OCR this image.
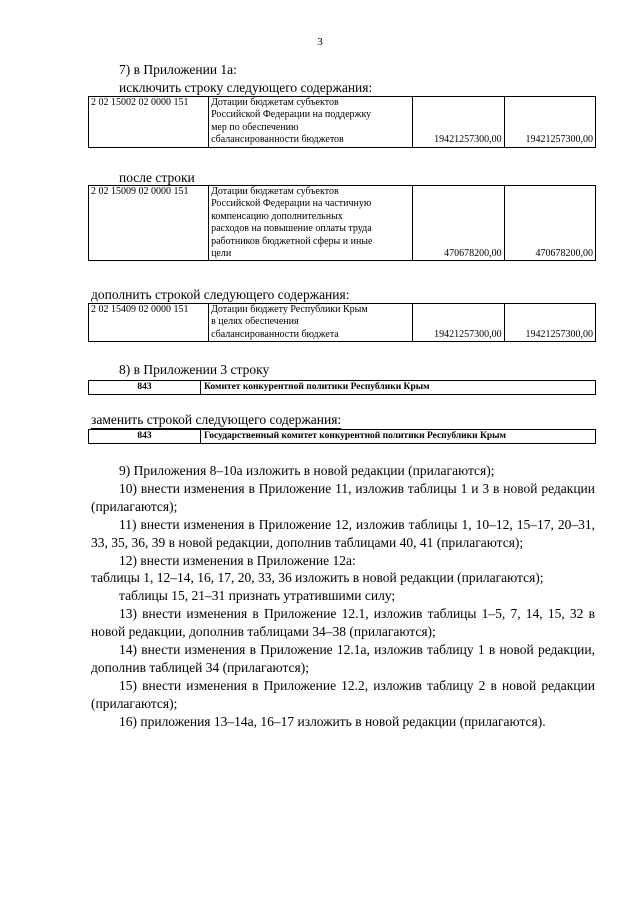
3
7) в Приложении 1а:
исключить строку следующего содержания:
2 02 15002 02 0000 151	Дотации бюджетам субъектов
Российской Федерации на поддержку
мер по обеспечению
сбалансированности бюджетов	19421257300,00	19421257300,00
после строки
2 02 15009 02 0000 151	Дотации бюджетам субъектов
Российской Федерации на частичную
компенсацию дополнительных
расходов на повышение оплаты труда
работников бюджетной сферы и иные
цели	470678200,00	470678200,00
дополнить строкой следующего содержания:
2 02 15409 02 0000 151	Дотации бюджету Республики Крым
в целях обеспечения
сбалансированности бюджета	19421257300,00	19421257300,00
8) в Приложении 3 строку
843	Комитет конкурентной политики Республики Крым
заменить строкой следующего содержания:
843	Государственный комитет конкурентной политики Республики Крым

9) Приложения 8–10а изложить в новой редакции (прилагаются);

10) внести изменения в Приложение 11, изложив таблицы 1 и 3 в новой редакции (прилагаются);

11) внести изменения в Приложение 12, изложив таблицы 1, 10–12, 15–17, 20–31, 33, 35, 36, 39 в новой редакции, дополнив таблицами 40, 41 (прилагаются);

12) внести изменения в Приложение 12а:

таблицы 1, 12–14, 16, 17, 20, 33, 36 изложить в новой редакции (прилагаются);

таблицы 15, 21–31 признать утратившими силу;

13) внести изменения в Приложение 12.1, изложив таблицы 1–5, 7, 14, 15, 32 в новой редакции, дополнив таблицами 34–38 (прилагаются);

14) внести изменения в Приложение 12.1а, изложив таблицу 1 в новой редакции, дополнив таблицей 34 (прилагаются);

15) внести изменения в Приложение 12.2, изложив таблицу 2 в новой редакции (прилагаются);

16) приложения 13–14а, 16–17 изложить в новой редакции (прилагаются).
